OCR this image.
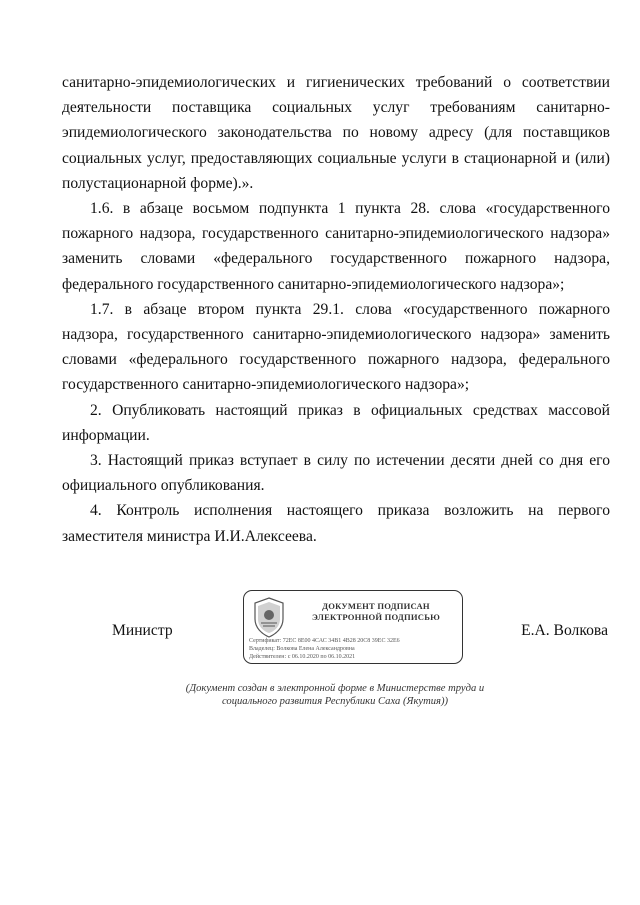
санитарно-эпидемиологических и гигиенических требований о соответствии деятельности поставщика социальных услуг требованиям санитарно-эпидемиологического законодательства по новому адресу (для поставщиков социальных услуг, предоставляющих социальные услуги в стационарной и (или) полустационарной форме).».

1.6. в абзаце восьмом подпункта 1 пункта 28. слова «государственного пожарного надзора, государственного санитарно-эпидемиологического надзора» заменить словами «федерального государственного пожарного надзора, федерального государственного санитарно-эпидемиологического надзора»;

1.7. в абзаце втором пункта 29.1. слова «государственного пожарного надзора, государственного санитарно-эпидемиологического надзора» заменить словами «федерального государственного пожарного надзора, федерального государственного санитарно-эпидемиологического надзора»;

2. Опубликовать настоящий приказ в официальных средствах массовой информации.

3. Настоящий приказ вступает в силу по истечении десяти дней со дня его официального опубликования.

4. Контроль исполнения настоящего приказа возложить на первого заместителя министра И.И.Алексеева.

Министр
ДОКУМЕНТ ПОДПИСАН
ЭЛЕКТРОННОЙ ПОДПИСЬЮ
Сертификат: 72ЕС 8Е00 4САС 34В1 4В28 20С8 39ЕС 32Е6
Владелец: Волкова Елена Александровна
Действителен: с 06.10.2020 по 06.10.2021
Е.А. Волкова
(Документ создан в электронной форме в Министерстве труда и
социального развития Республики Саха (Якутия))
